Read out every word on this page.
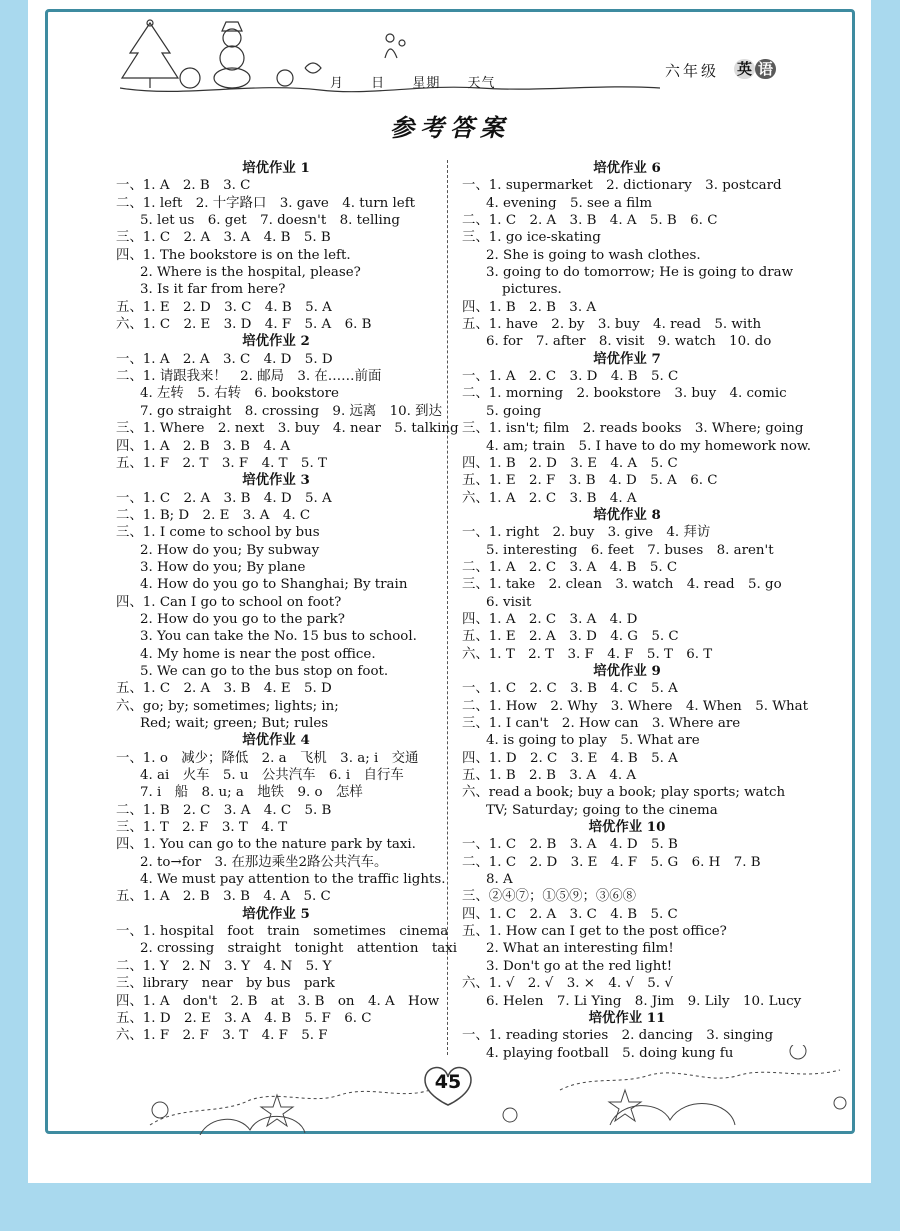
月 日 星期 天气
六年级 英 语
参考答案
培优作业 1
一、1. A　2. B　3. C
二、1. left　2. 十字路口　3. gave　4. turn left
5. let us　6. get　7. doesn't　8. telling
三、1. C　2. A　3. A　4. B　5. B
四、1. The bookstore is on the left.
2. Where is the hospital, please?
3. Is it far from here?
五、1. E　2. D　3. C　4. B　5. A
六、1. C　2. E　3. D　4. F　5. A　6. B
培优作业 2
一、1. A　2. A　3. C　4. D　5. D
二、1. 请跟我来！　2. 邮局　3. 在……前面
4. 左转　5. 右转　6. bookstore
7. go straight　8. crossing　9. 远离　10. 到达
三、1. Where　2. next　3. buy　4. near　5. talking
四、1. A　2. B　3. B　4. A
五、1. F　2. T　3. F　4. T　5. T
培优作业 3
一、1. C　2. A　3. B　4. D　5. A
二、1. B; D　2. E　3. A　4. C
三、1. I come to school by bus
2. How do you; By subway
3. How do you; By plane
4. How do you go to Shanghai; By train
四、1. Can I go to school on foot?
2. How do you go to the park?
3. You can take the No. 15 bus to school.
4. My home is near the post office.
5. We can go to the bus stop on foot.
五、1. C　2. A　3. B　4. E　5. D
六、go; by; sometimes; lights; in;
Red; wait; green; But; rules
培优作业 4
一、1. o　减少；降低　2. a　飞机　3. a; i　交通
4. ai　火车　5. u　公共汽车　6. i　自行车
7. i　船　8. u; a　地铁　9. o　怎样
二、1. B　2. C　3. A　4. C　5. B
三、1. T　2. F　3. T　4. T
四、1. You can go to the nature park by taxi.
2. to→for　3. 在那边乘坐2路公共汽车。
4. We must pay attention to the traffic lights.
五、1. A　2. B　3. B　4. A　5. C
培优作业 5
一、1. hospital　foot　train　sometimes　cinema
2. crossing　straight　tonight　attention　taxi
二、1. Y　2. N　3. Y　4. N　5. Y
三、library　near　by bus　park
四、1. A　don't　2. B　at　3. B　on　4. A　How
五、1. D　2. E　3. A　4. B　5. F　6. C
六、1. F　2. F　3. T　4. F　5. F
培优作业 6
一、1. supermarket　2. dictionary　3. postcard
4. evening　5. see a film
二、1. C　2. A　3. B　4. A　5. B　6. C
三、1. go ice-skating
2. She is going to wash clothes.
3. going to do tomorrow; He is going to draw
pictures.
四、1. B　2. B　3. A
五、1. have　2. by　3. buy　4. read　5. with
6. for　7. after　8. visit　9. watch　10. do
培优作业 7
一、1. A　2. C　3. D　4. B　5. C
二、1. morning　2. bookstore　3. buy　4. comic
5. going
三、1. isn't; film　2. reads books　3. Where; going
4. am; train　5. I have to do my homework now.
四、1. B　2. D　3. E　4. A　5. C
五、1. E　2. F　3. B　4. D　5. A　6. C
六、1. A　2. C　3. B　4. A
培优作业 8
一、1. right　2. buy　3. give　4. 拜访
5. interesting　6. feet　7. buses　8. aren't
二、1. A　2. C　3. A　4. B　5. C
三、1. take　2. clean　3. watch　4. read　5. go
6. visit
四、1. A　2. C　3. A　4. D
五、1. E　2. A　3. D　4. G　5. C
六、1. T　2. T　3. F　4. F　5. T　6. T
培优作业 9
一、1. C　2. C　3. B　4. C　5. A
二、1. How　2. Why　3. Where　4. When　5. What
三、1. I can't　2. How can　3. Where are
4. is going to play　5. What are
四、1. D　2. C　3. E　4. B　5. A
五、1. B　2. B　3. A　4. A
六、read a book; buy a book; play sports; watch
TV; Saturday; going to the cinema
培优作业 10
一、1. C　2. B　3. A　4. D　5. B
二、1. C　2. D　3. E　4. F　5. G　6. H　7. B
8. A
三、②④⑦；①⑤⑨；③⑥⑧
四、1. C　2. A　3. C　4. B　5. C
五、1. How can I get to the post office?
2. What an interesting film!
3. Don't go at the red light!
六、1. √　2. √　3. ×　4. √　5. √
6. Helen　7. Li Ying　8. Jim　9. Lily　10. Lucy
培优作业 11
一、1. reading stories　2. dancing　3. singing
4. playing football　5. doing kung fu
45
